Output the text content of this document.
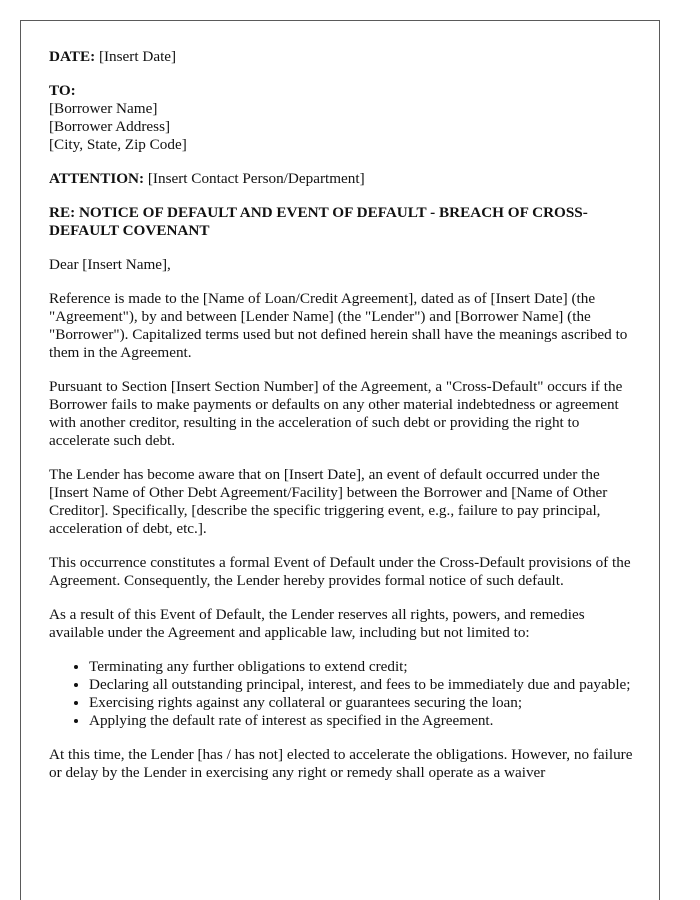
DATE: [Insert Date]

TO:
[Borrower Name]
[Borrower Address]
[City, State, Zip Code]

ATTENTION: [Insert Contact Person/Department]

RE: NOTICE OF DEFAULT AND EVENT OF DEFAULT - BREACH OF CROSS-DEFAULT COVENANT

Dear [Insert Name],

Reference is made to the [Name of Loan/Credit Agreement], dated as of [Insert Date] (the "Agreement"), by and between [Lender Name] (the "Lender") and [Borrower Name] (the "Borrower"). Capitalized terms used but not defined herein shall have the meanings ascribed to them in the Agreement.

Pursuant to Section [Insert Section Number] of the Agreement, a "Cross-Default" occurs if the Borrower fails to make payments or defaults on any other material indebtedness or agreement with another creditor, resulting in the acceleration of such debt or providing the right to accelerate such debt.

The Lender has become aware that on [Insert Date], an event of default occurred under the [Insert Name of Other Debt Agreement/Facility] between the Borrower and [Name of Other Creditor]. Specifically, [describe the specific triggering event, e.g., failure to pay principal, acceleration of debt, etc.].

This occurrence constitutes a formal Event of Default under the Cross-Default provisions of the Agreement. Consequently, the Lender hereby provides formal notice of such default.

As a result of this Event of Default, the Lender reserves all rights, powers, and remedies available under the Agreement and applicable law, including but not limited to:

• Terminating any further obligations to extend credit;
• Declaring all outstanding principal, interest, and fees to be immediately due and payable;
• Exercising rights against any collateral or guarantees securing the loan;
• Applying the default rate of interest as specified in the Agreement.

At this time, the Lender [has / has not] elected to accelerate the obligations. However, no failure or delay by the Lender in exercising any right or remedy shall operate as a waiver
